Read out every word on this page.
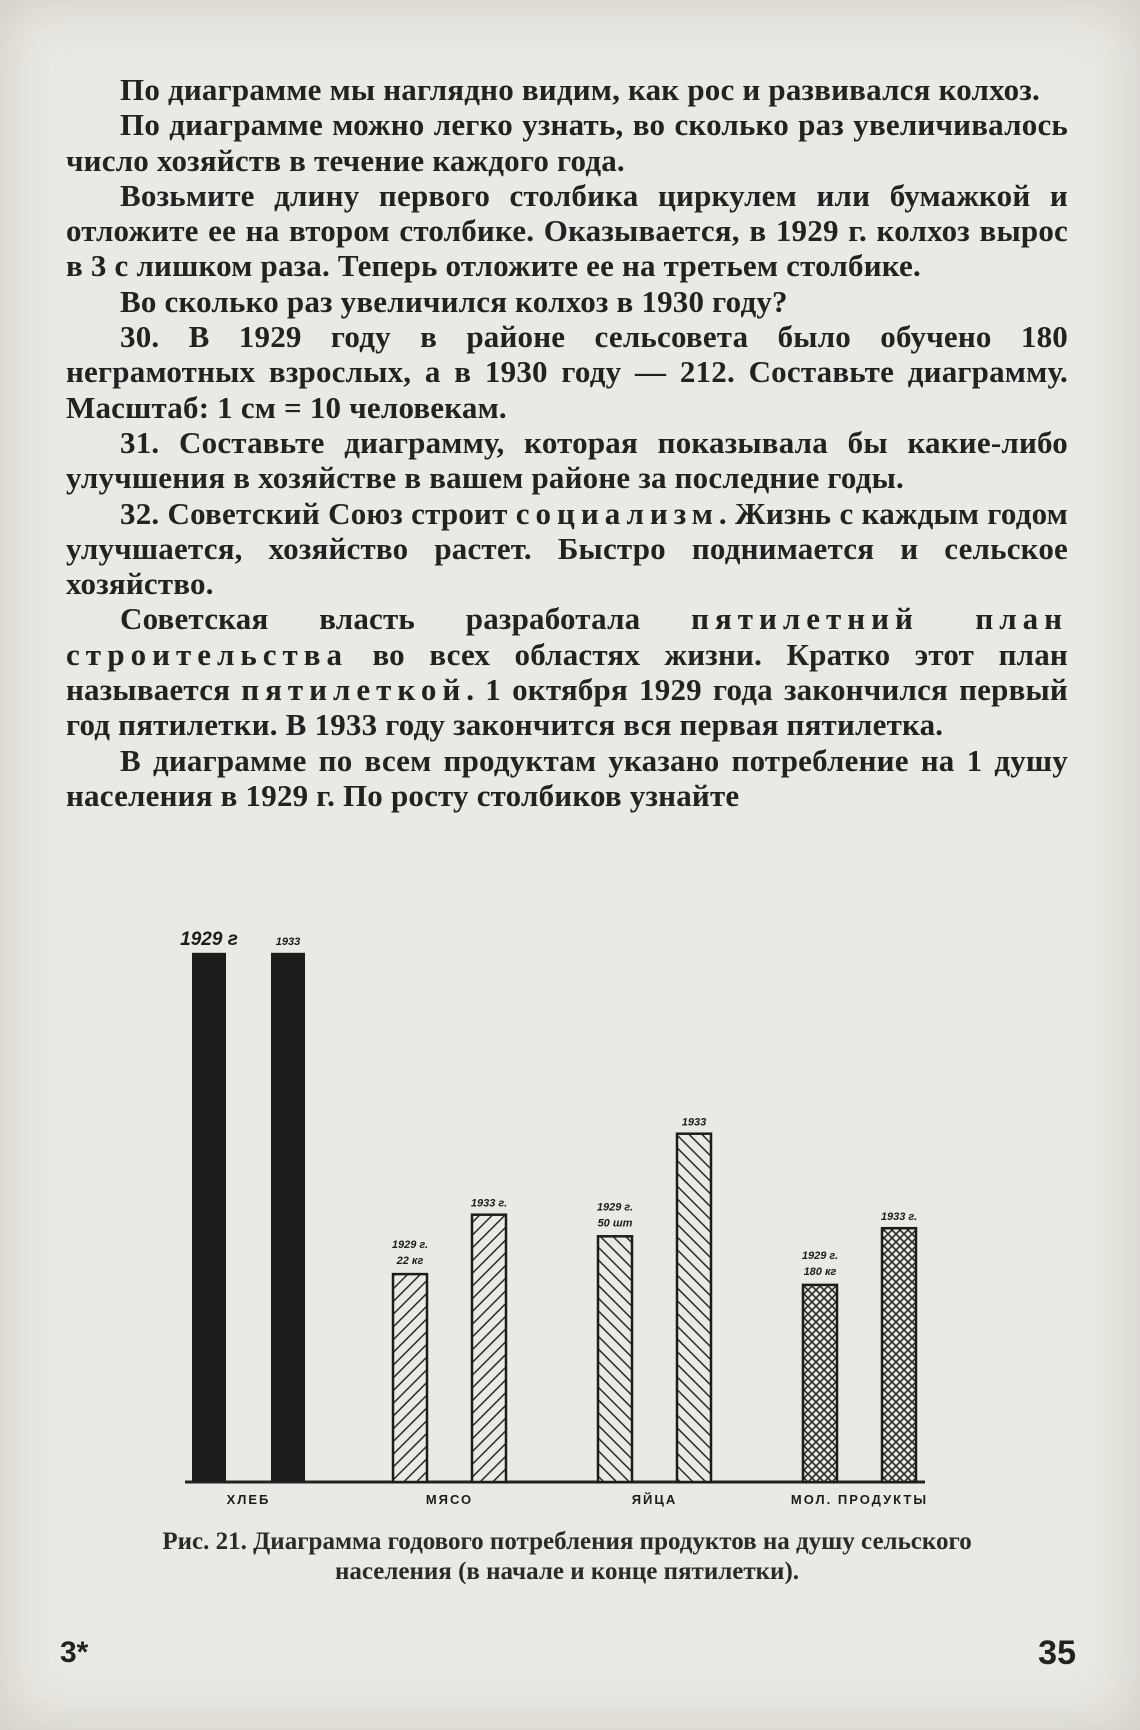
По диаграмме мы наглядно видим, как рос и развивался колхоз.

По диаграмме можно легко узнать, во сколько раз увеличивалось число хозяйств в течение каждого года.

Возьмите длину первого столбика циркулем или бумажкой и отложите ее на втором столбике. Оказывается, в 1929 г. колхоз вырос в 3 с лишком раза. Теперь отложите ее на третьем столбике.

Во сколько раз увеличился колхоз в 1930 году?

30. В 1929 году в районе сельсовета было обучено 180 неграмотных взрослых, а в 1930 году — 212. Составьте диаграмму. Масштаб: 1 см = 10 человекам.

31. Составьте диаграмму, которая показывала бы какие-либо улучшения в хозяйстве в вашем районе за последние годы.

32. Советский Союз строит социализм. Жизнь с каждым годом улучшается, хозяйство растет. Быстро поднимается и сельское хозяйство.

Советская власть разработала пятилетний план строительства во всех областях жизни. Кратко этот план называется пятилеткой. 1 октября 1929 года закончился первый год пятилетки. В 1933 году закончится вся первая пятилетка.

В диаграмме по всем продуктам указано потребление на 1 душу населения в 1929 г. По росту столбиков узнайте

1929 г	1933
ХЛЕБ
1929 г. 22 кг
1933 г.
МЯСО
1929 г. 50 шт
1933
ЯЙЦА
1929 г. 180 кг
1933 г.
МОЛ. ПРОДУКТЫ
Рис. 21. Диаграмма годового потребления продуктов на душу сельского
населения (в начале и конце пятилетки).
3*	35
